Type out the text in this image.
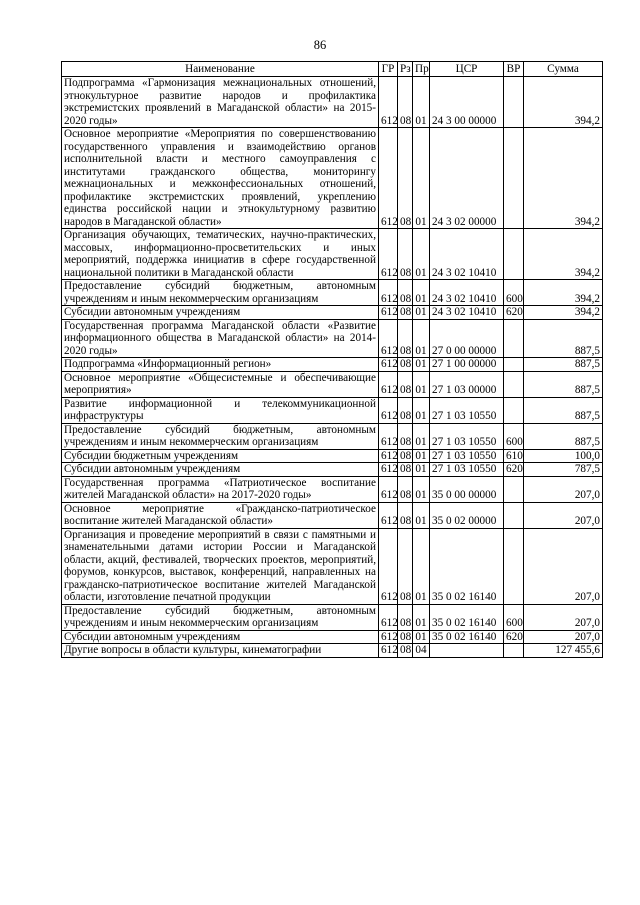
86
Наименование	ГР	Рз	Пр	ЦСР	ВР	Сумма
Подпрограмма «Гармонизация межнациональных отношений, этнокультурное развитие народов и профилактика экстремистских проявлений в Магаданской области» на 2015-2020 годы»	612	08	01	24 3 00 00000		394,2
Основное мероприятие «Мероприятия по совершенствованию государственного управления и взаимодействию органов исполнительной власти и местного самоуправления с институтами гражданского общества, мониторингу межнациональных и межконфессиональных отношений, профилактике экстремистских проявлений, укреплению единства российской нации и этнокультурному развитию народов в Магаданской области»	612	08	01	24 3 02 00000		394,2
Организация обучающих, тематических, научно-практических, массовых, информационно-просветительских и иных мероприятий, поддержка инициатив в сфере государственной национальной политики в Магаданской области	612	08	01	24 3 02 10410		394,2
Предоставление субсидий бюджетным, автономным учреждениям и иным некоммерческим организациям	612	08	01	24 3 02 10410	600	394,2
Субсидии автономным учреждениям	612	08	01	24 3 02 10410	620	394,2
Государственная программа Магаданской области «Развитие информационного общества в Магаданской области» на 2014-2020 годы»	612	08	01	27 0 00 00000		887,5
Подпрограмма «Информационный регион»	612	08	01	27 1 00 00000		887,5
Основное мероприятие «Общесистемные и обеспечивающие мероприятия»	612	08	01	27 1 03 00000		887,5
Развитие информационной и телекоммуникационной инфраструктуры	612	08	01	27 1 03 10550		887,5
Предоставление субсидий бюджетным, автономным учреждениям и иным некоммерческим организациям	612	08	01	27 1 03 10550	600	887,5
Субсидии бюджетным учреждениям	612	08	01	27 1 03 10550	610	100,0
Субсидии автономным учреждениям	612	08	01	27 1 03 10550	620	787,5
Государственная программа «Патриотическое воспитание жителей Магаданской области» на 2017-2020 годы»	612	08	01	35 0 00 00000		207,0
Основное мероприятие «Гражданско-патриотическое воспитание жителей Магаданской области»	612	08	01	35 0 02 00000		207,0
Организация и проведение мероприятий в связи с памятными и знаменательными датами истории России и Магаданской области, акций, фестивалей, творческих проектов, мероприятий, форумов, конкурсов, выставок, конференций, направленных на гражданско-патриотическое воспитание жителей Магаданской области, изготовление печатной продукции	612	08	01	35 0 02 16140		207,0
Предоставление субсидий бюджетным, автономным учреждениям и иным некоммерческим организациям	612	08	01	35 0 02 16140	600	207,0
Субсидии автономным учреждениям	612	08	01	35 0 02 16140	620	207,0
Другие вопросы в области культуры, кинематографии	612	08	04			127 455,6
